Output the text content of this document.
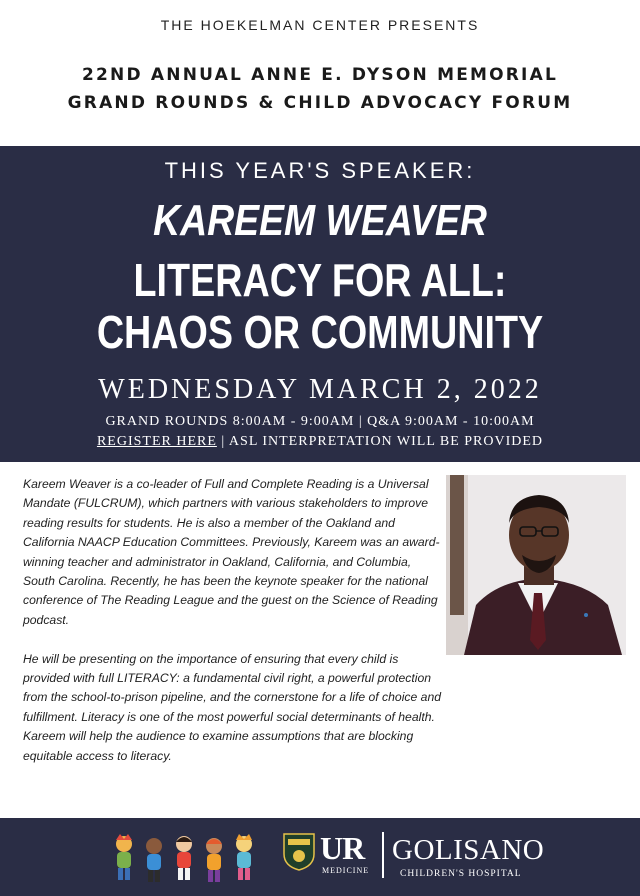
THE HOEKELMAN CENTER PRESENTS
22ND ANNUAL ANNE E. DYSON MEMORIAL
GRAND ROUNDS & CHILD ADVOCACY FORUM
THIS YEAR'S SPEAKER:
KAREEM WEAVER
LITERACY FOR ALL: CHAOS OR COMMUNITY
WEDNESDAY MARCH 2, 2022
GRAND ROUNDS 8:00AM - 9:00AM | Q&A 9:00AM - 10:00AM
REGISTER HERE | ASL INTERPRETATION WILL BE PROVIDED

Kareem Weaver is a co-leader of Full and Complete Reading is a Universal Mandate (FULCRUM), which partners with various stakeholders to improve reading results for students. He is also a member of the Oakland and California NAACP Education Committees. Previously, Kareem was an award-winning teacher and administrator in Oakland, California, and Columbia, South Carolina. Recently, he has been the keynote speaker for the national conference of The Reading League and the guest on the Science of Reading podcast.

He will be presenting on the importance of ensuring that every child is provided with full LITERACY: a fundamental civil right, a powerful protection from the school-to-prison pipeline, and the cornerstone for a life of choice and fulfillment. Literacy is one of the most powerful social determinants of health. Kareem will help the audience to examine assumptions that are blocking equitable access to literacy.

UR
MEDICINE
GOLISANO
CHILDREN'S HOSPITAL
